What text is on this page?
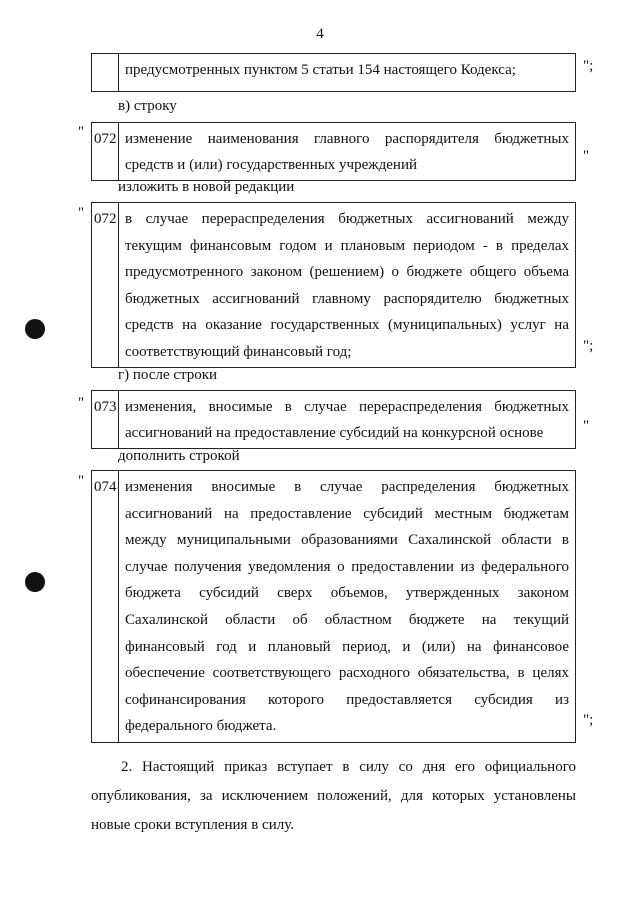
4
	предусмотренных пунктом 5 статьи 154 настоящего Кодекса;	";
в) строку
" 072	изменение наименования главного распорядителя бюджетных средств и (или) государственных учреждений
"
изложить в новой редакции
" 072	в случае перераспределения бюджетных ассигнований между текущим финансовым годом и плановым периодом - в пределах предусмотренного законом (решением) о бюджете общего объема бюджетных ассигнований главному распорядителю бюджетных средств на оказание государственных (муниципальных) услуг на соответствующий финансовый год;	";
г) после строки
" 073	изменения, вносимые в случае перераспределения бюджетных ассигнований на предоставление субсидий на конкурсной основе	"
дополнить строкой
" 074	изменения вносимые в случае распределения бюджетных ассигнований на предоставление субсидий местным бюджетам между муниципальными образованиями Сахалинской области в случае получения уведомления о предоставлении из федерального бюджета субсидий сверх объемов, утвержденных законом Сахалинской области об областном бюджете на текущий финансовый год и плановый период, и (или) на финансовое обеспечение соответствующего расходного обязательства, в целях софинансирования которого предоставляется субсидия из федерального бюджета.	";
2. Настоящий приказ вступает в силу со дня его официального опубликования, за исключением положений, для которых установлены новые сроки вступления в силу.
